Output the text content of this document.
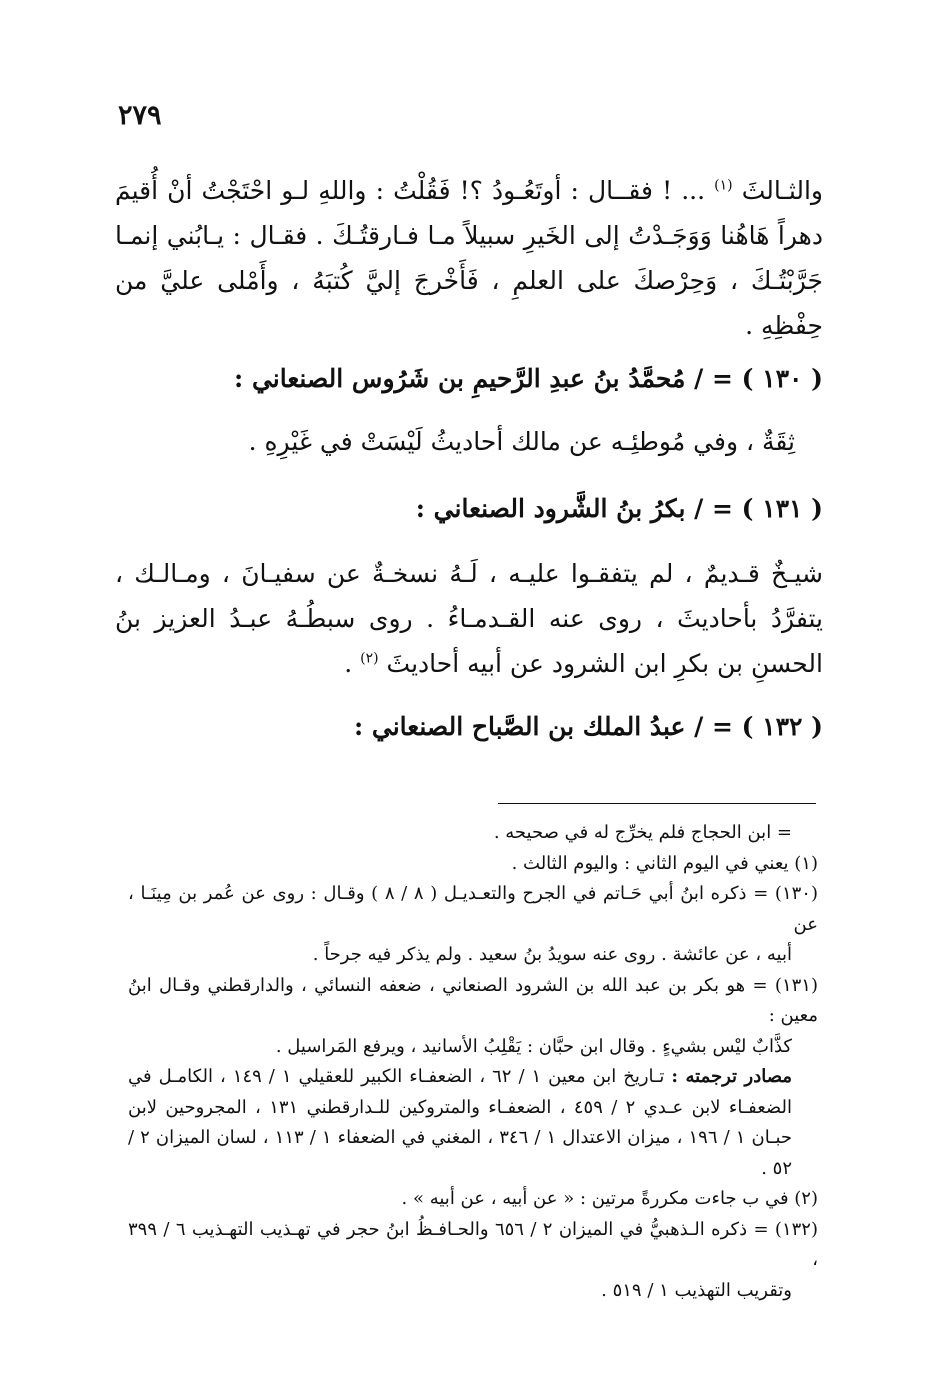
٢٧٩

والثـالثَ $^{(١)}$ ... ! فقــال : أوتَعُـودُ ؟! فَقُلْتُ : واللهِ لـو احْتَجْتُ أنْ أُقيمَ دهراً هَاهُنا وَوَجَـدْتُ إلى الخَيرِ سبيلاً مـا فـارقتُـكَ . فقـال : يـابُني إنمـا جَرَّبْتُـكَ ، وَحِرْصكَ على العلمِ ، فَأَخْرجَ إليَّ كُتبَهُ ، وأَمْلى عليَّ من حِفْظِهِ .

( ١٣٠ ) = / مُحمَّدُ بنُ عبدِ الرَّحيمِ بن شَرُوس الصنعاني :

ثِقَةٌ ، وفي مُوطئِـه عن مالك أحاديثُ لَيْسَتْ في غَيْرِهِ .

( ١٣١ ) = / بكرُ بنُ الشَّرود الصنعاني :

شيـخٌ قـديمٌ ، لم يتفقـوا عليـه ، لَـهُ نسخـةٌ عن سفيـانَ ، ومـالـك ، يتفرَّدُ بأحاديثَ ، روى عنه القـدمـاءُ . روى سبطُـهُ عبـدُ العزيز بنُ الحسنِ بن بكرِ ابن الشرود عن أبيه أحاديثَ $^{(٢)}$ .

( ١٣٢ ) = / عبدُ الملك بن الصَّباح الصنعاني :

= ابن الحجاج فلم يخرِّج له في صحيحه .

(١) يعني في اليوم الثاني : واليوم الثالث .

(١٣٠) = ذكره ابنُ أبي حَـاتم في الجرح والتعـديـل ( ٨ / ٨ ) وقـال : روى عن عُمر بن مِينَـا ، عن

أبيه ، عن عائشة . روى عنه سويدُ بنُ سعيد . ولم يذكر فيه جرحاً .

(١٣١) = هو بكر بن عبد الله بن الشرود الصنعاني ، ضعفه النسائي ، والدارقطني وقـال ابنُ معين :

كذَّابٌ ليْس بشيءٍ . وقال ابن حبَّان : يَقْلِبُ الأسانيد ، ويرفع المَراسيل .

مصادر ترجمته : تـاريخ ابن معين ١ / ٦٢ ، الضعفـاء الكبير للعقيلي ١ / ١٤٩ ، الكامـل في الضعفـاء لابن عـدي ٢ / ٤٥٩ ، الضعفـاء والمتروكين للـدارقطني ١٣١ ، المجروحين لابن حبـان ١ / ١٩٦ ، ميزان الاعتدال ١ / ٣٤٦ ، المغني في الضعفاء ١ / ١١٣ ، لسان الميزان ٢ / ٥٢ .

(٢) في ب جاءت مكررةً مرتين : « عن أبيه ، عن أبيه » .

(١٣٢) = ذكره الـذهبيُّ في الميزان ٢ / ٦٥٦ والحـافـظُ ابنُ حجر في تهـذيب التهـذيب ٦ / ٣٩٩ ،

وتقريب التهذيب ١ / ٥١٩ .
